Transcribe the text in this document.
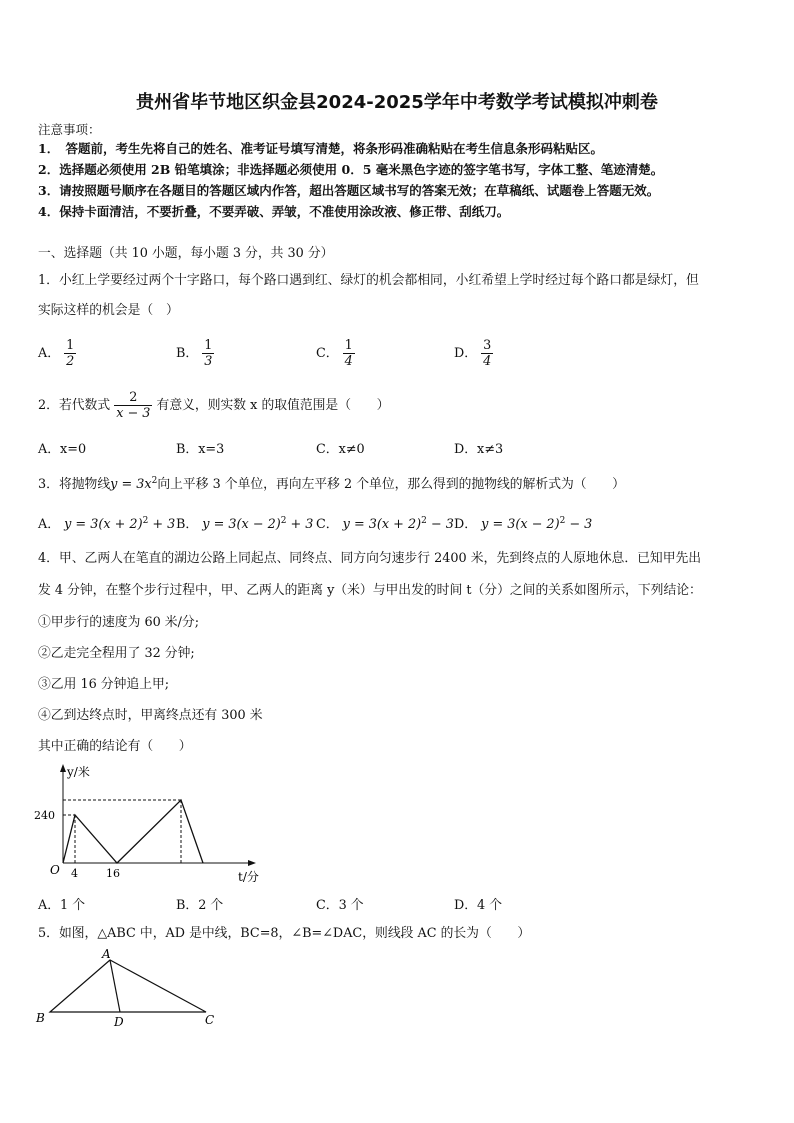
贵州省毕节地区织金县2024-2025学年中考数学考试模拟冲刺卷
注意事项：
1．　答题前，考生先将自己的姓名、准考证号填写清楚，将条形码准确粘贴在考生信息条形码粘贴区。
2．选择题必须使用 2B 铅笔填涂；非选择题必须使用 0．5 毫米黑色字迹的签字笔书写，字体工整、笔迹清楚。
3．请按照题号顺序在各题目的答题区域内作答，超出答题区域书写的答案无效；在草稿纸、试题卷上答题无效。
4．保持卡面清洁，不要折叠，不要弄破、弄皱，不准使用涂改液、修正带、刮纸刀。
一、选择题（共 10 小题，每小题 3 分，共 30 分）
1．小红上学要经过两个十字路口，每个路口遇到红、绿灯的机会都相同，小红希望上学时经过每个路口都是绿灯，但
实际这样的机会是（　）
A． $\frac{1}{2}$	B． $\frac{1}{3}$	C． $\frac{1}{4}$	D． $\frac{3}{4}$
2．若代数式 $\frac{2}{x - 3}$ 有意义，则实数 x 的取值范围是（　　）
A．x=0	B．x=3	C．x≠0	D．x≠3
3．将抛物线$y = 3x^2$向上平移 3 个单位，再向左平移 2 个单位，那么得到的抛物线的解析式为（　　）
A． $y = 3(x + 2)^2 + 3$ B． $y = 3(x - 2)^2 + 3$ C． $y = 3(x + 2)^2 - 3$ D． $y = 3(x - 2)^2 - 3$
4．甲、乙两人在笔直的湖边公路上同起点、同终点、同方向匀速步行 2400 米，先到终点的人原地休息．已知甲先出
发 4 分钟，在整个步行过程中，甲、乙两人的距离 y（米）与甲出发的时间 t（分）之间的关系如图所示，下列结论：
①甲步行的速度为 60 米/分;
②乙走完全程用了 32 分钟;
③乙用 16 分钟追上甲;
④乙到达终点时，甲离终点还有 300 米
其中正确的结论有（　　）
y/米
240
O 4	16	t/分
A．1 个	B．2 个	C．3 个	D．4 个
5．如图，△ABC 中，AD 是中线，BC=8，∠B=∠DAC，则线段 AC 的长为（　　）
A
B	D	C
